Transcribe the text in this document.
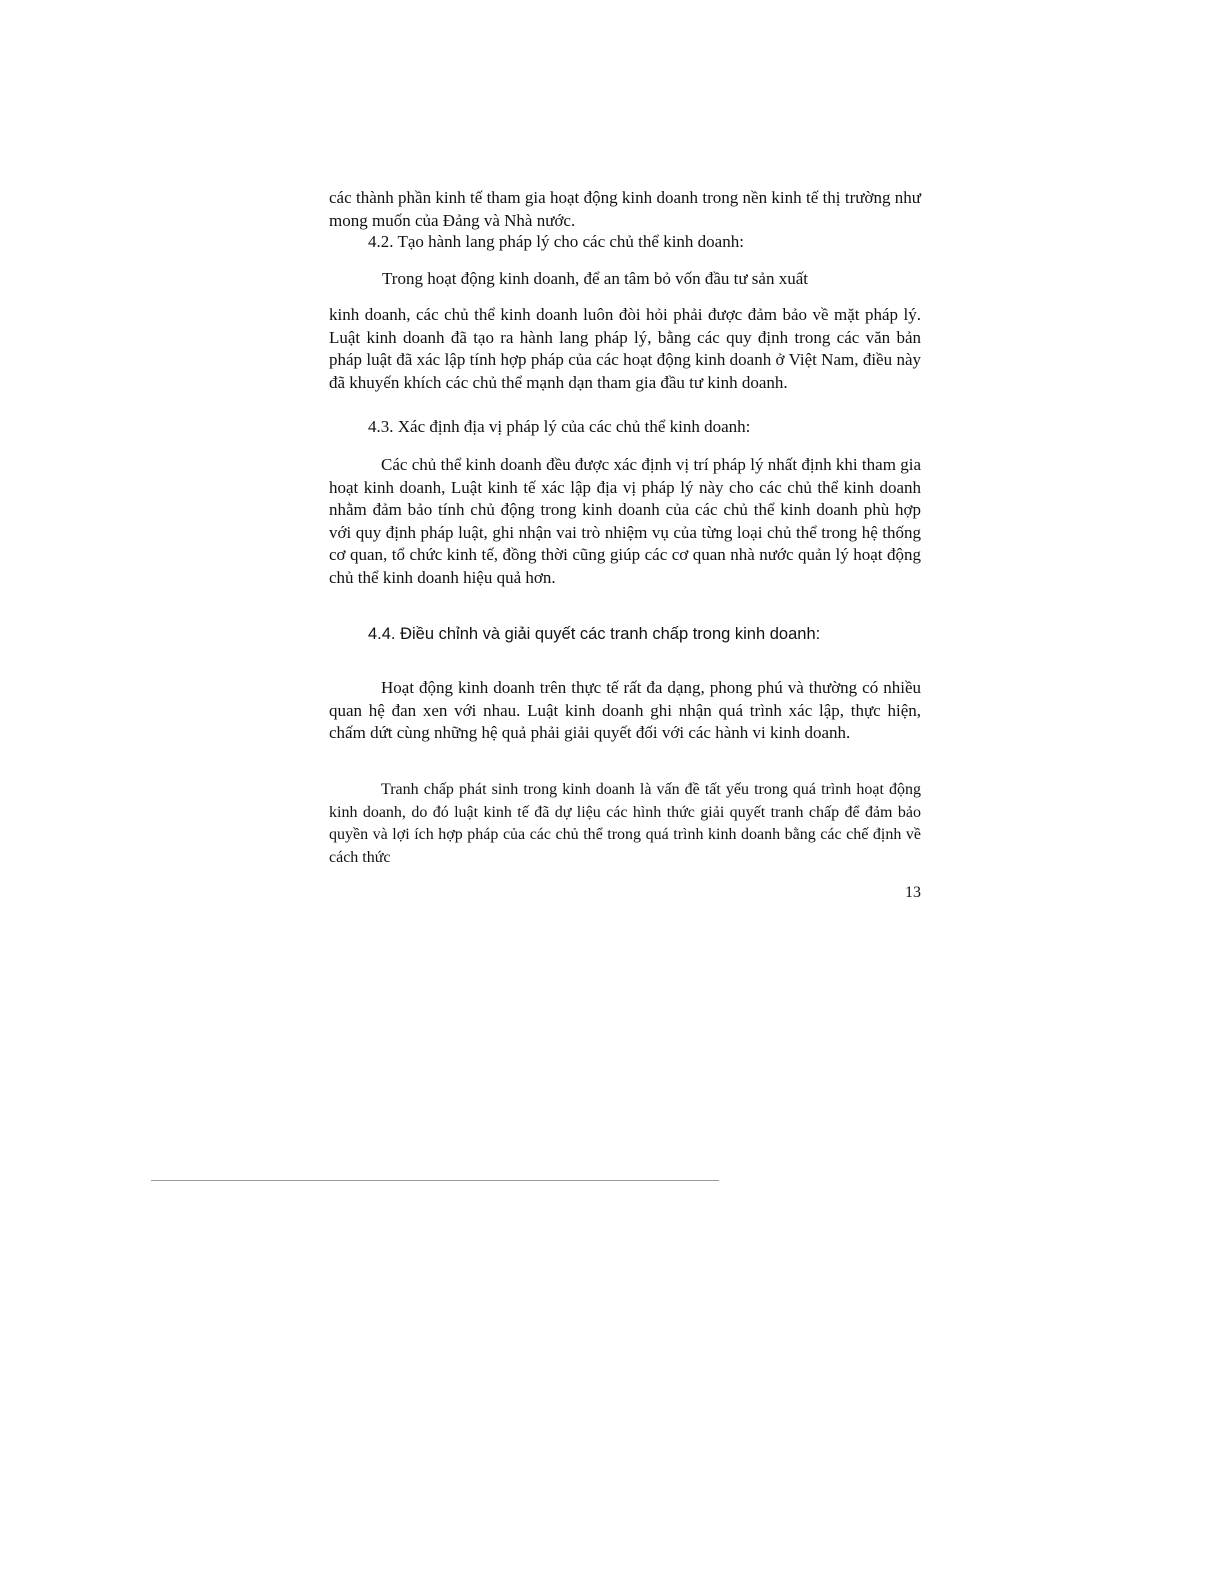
các thành phần kinh tế tham gia hoạt động kinh doanh trong nền kinh tế thị trường như mong muốn của Đảng và Nhà nước.

4.2. Tạo hành lang pháp lý cho các chủ thể kinh doanh:

Trong hoạt động kinh doanh, để an tâm bỏ vốn đầu tư sản xuất

kinh doanh, các chủ thể kinh doanh luôn đòi hỏi phải được đảm bảo về mặt pháp lý. Luật kinh doanh đã tạo ra hành lang pháp lý, bằng các quy định trong các văn bản pháp luật đã xác lập tính hợp pháp của các hoạt động kinh doanh ở Việt Nam, điều này đã khuyến khích các chủ thể mạnh dạn tham gia đầu tư kinh doanh.

4.3. Xác định địa vị pháp lý của các chủ thể kinh doanh:

Các chủ thể kinh doanh đều được xác định vị trí pháp lý nhất định khi tham gia hoạt kinh doanh, Luật kinh tế xác lập địa vị pháp lý này cho các chủ thể kinh doanh nhằm đảm bảo tính chủ động trong kinh doanh của các chủ thể kinh doanh phù hợp với quy định pháp luật, ghi nhận vai trò nhiệm vụ của từng loại chủ thể trong hệ thống cơ quan, tổ chức kinh tế, đồng thời cũng giúp các cơ quan nhà nước quản lý hoạt động chủ thể kinh doanh hiệu quả hơn.

4.4. Điều chỉnh và giải quyết các tranh chấp trong kinh doanh:

Hoạt động kinh doanh trên thực tế rất đa dạng, phong phú và thường có nhiều quan hệ đan xen với nhau. Luật kinh doanh ghi nhận quá trình xác lập, thực hiện, chấm dứt cùng những hệ quả phải giải quyết đối với các hành vi kinh doanh.

Tranh chấp phát sinh trong kinh doanh là vấn đề tất yếu trong quá trình hoạt động kinh doanh, do đó luật kinh tế đã dự liệu các hình thức giải quyết tranh chấp để đảm bảo quyền và lợi ích hợp pháp của các chủ thể trong quá trình kinh doanh bằng các chế định về cách thức

13
